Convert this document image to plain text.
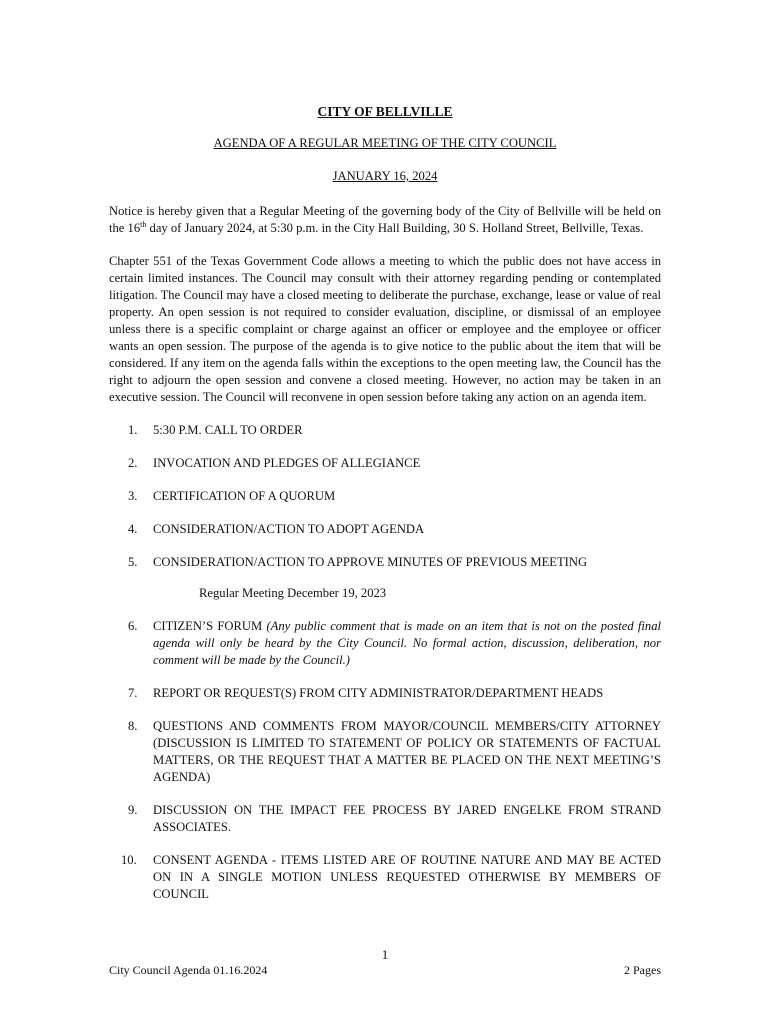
CITY OF BELLVILLE

AGENDA OF A REGULAR MEETING OF THE CITY COUNCIL

JANUARY 16, 2024

Notice is hereby given that a Regular Meeting of the governing body of the City of Bellville will be held on the 16th day of January 2024, at 5:30 p.m. in the City Hall Building, 30 S. Holland Street, Bellville, Texas.

Chapter 551 of the Texas Government Code allows a meeting to which the public does not have access in certain limited instances. The Council may consult with their attorney regarding pending or contemplated litigation. The Council may have a closed meeting to deliberate the purchase, exchange, lease or value of real property. An open session is not required to consider evaluation, discipline, or dismissal of an employee unless there is a specific complaint or charge against an officer or employee and the employee or officer wants an open session. The purpose of the agenda is to give notice to the public about the item that will be considered. If any item on the agenda falls within the exceptions to the open meeting law, the Council has the right to adjourn the open session and convene a closed meeting. However, no action may be taken in an executive session. The Council will reconvene in open session before taking any action on an agenda item.

1. 5:30 P.M. CALL TO ORDER
2. INVOCATION AND PLEDGES OF ALLEGIANCE
3. CERTIFICATION OF A QUORUM
4. CONSIDERATION/ACTION TO ADOPT AGENDA
5. CONSIDERATION/ACTION TO APPROVE MINUTES OF PREVIOUS MEETING
Regular Meeting December 19, 2023
6. CITIZEN’S FORUM (Any public comment that is made on an item that is not on the posted final agenda will only be heard by the City Council. No formal action, discussion, deliberation, nor comment will be made by the Council.)
7. REPORT OR REQUEST(S) FROM CITY ADMINISTRATOR/DEPARTMENT HEADS
8. QUESTIONS AND COMMENTS FROM MAYOR/COUNCIL MEMBERS/CITY ATTORNEY (DISCUSSION IS LIMITED TO STATEMENT OF POLICY OR STATEMENTS OF FACTUAL MATTERS, OR THE REQUEST THAT A MATTER BE PLACED ON THE NEXT MEETING’S AGENDA)
9. DISCUSSION ON THE IMPACT FEE PROCESS BY JARED ENGELKE FROM STRAND ASSOCIATES.
10. CONSENT AGENDA - ITEMS LISTED ARE OF ROUTINE NATURE AND MAY BE ACTED ON IN A SINGLE MOTION UNLESS REQUESTED OTHERWISE BY MEMBERS OF COUNCIL
1
City Council Agenda 01.16.2024	2 Pages
